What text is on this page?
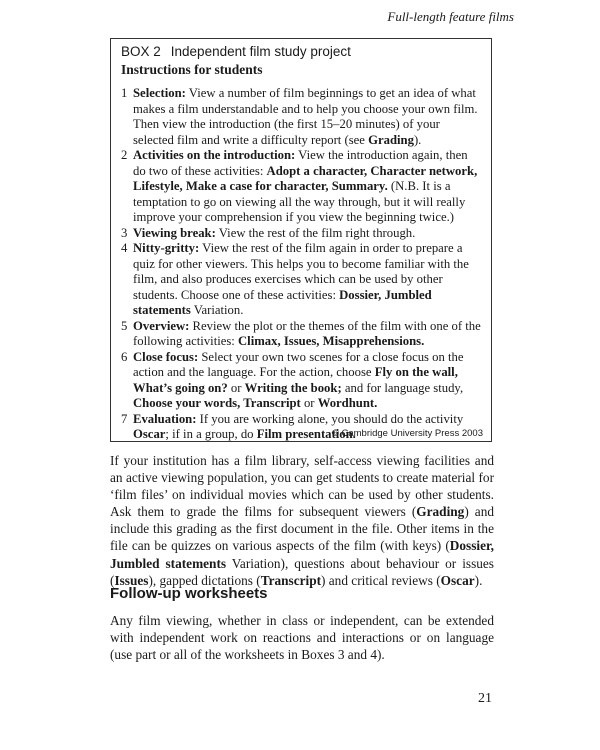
Full-length feature films
BOX 2 Independent film study project
Instructions for students
1 Selection: View a number of film beginnings to get an idea of what makes a film understandable and to help you choose your own film. Then view the introduction (the first 15–20 minutes) of your selected film and write a difficulty report (see Grading).
2 Activities on the introduction: View the introduction again, then do two of these activities: Adopt a character, Character network, Lifestyle, Make a case for character, Summary. (N.B. It is a temptation to go on viewing all the way through, but it will really improve your comprehension if you view the beginning twice.)
3 Viewing break: View the rest of the film right through.
4 Nitty-gritty: View the rest of the film again in order to prepare a quiz for other viewers. This helps you to become familiar with the film, and also produces exercises which can be used by other students. Choose one of these activities: Dossier, Jumbled statements Variation.
5 Overview: Review the plot or the themes of the film with one of the following activities: Climax, Issues, Misapprehensions.
6 Close focus: Select your own two scenes for a close focus on the action and the language. For the action, choose Fly on the wall, What’s going on? or Writing the book; and for language study, Choose your words, Transcript or Wordhunt.
7 Evaluation: If you are working alone, you should do the activity Oscar; if in a group, do Film presentation.
© Cambridge University Press 2003

If your institution has a film library, self-access viewing facilities and an active viewing population, you can get students to create material for ‘film files’ on individual movies which can be used by other students. Ask them to grade the films for subsequent viewers (Grading) and include this grading as the first document in the file. Other items in the file can be quizzes on various aspects of the film (with keys) (Dossier, Jumbled statements Variation), questions about behaviour or issues (Issues), gapped dictations (Transcript) and critical reviews (Oscar).

Follow-up worksheets

Any film viewing, whether in class or independent, can be extended with independent work on reactions and interactions or on language (use part or all of the worksheets in Boxes 3 and 4).

21
